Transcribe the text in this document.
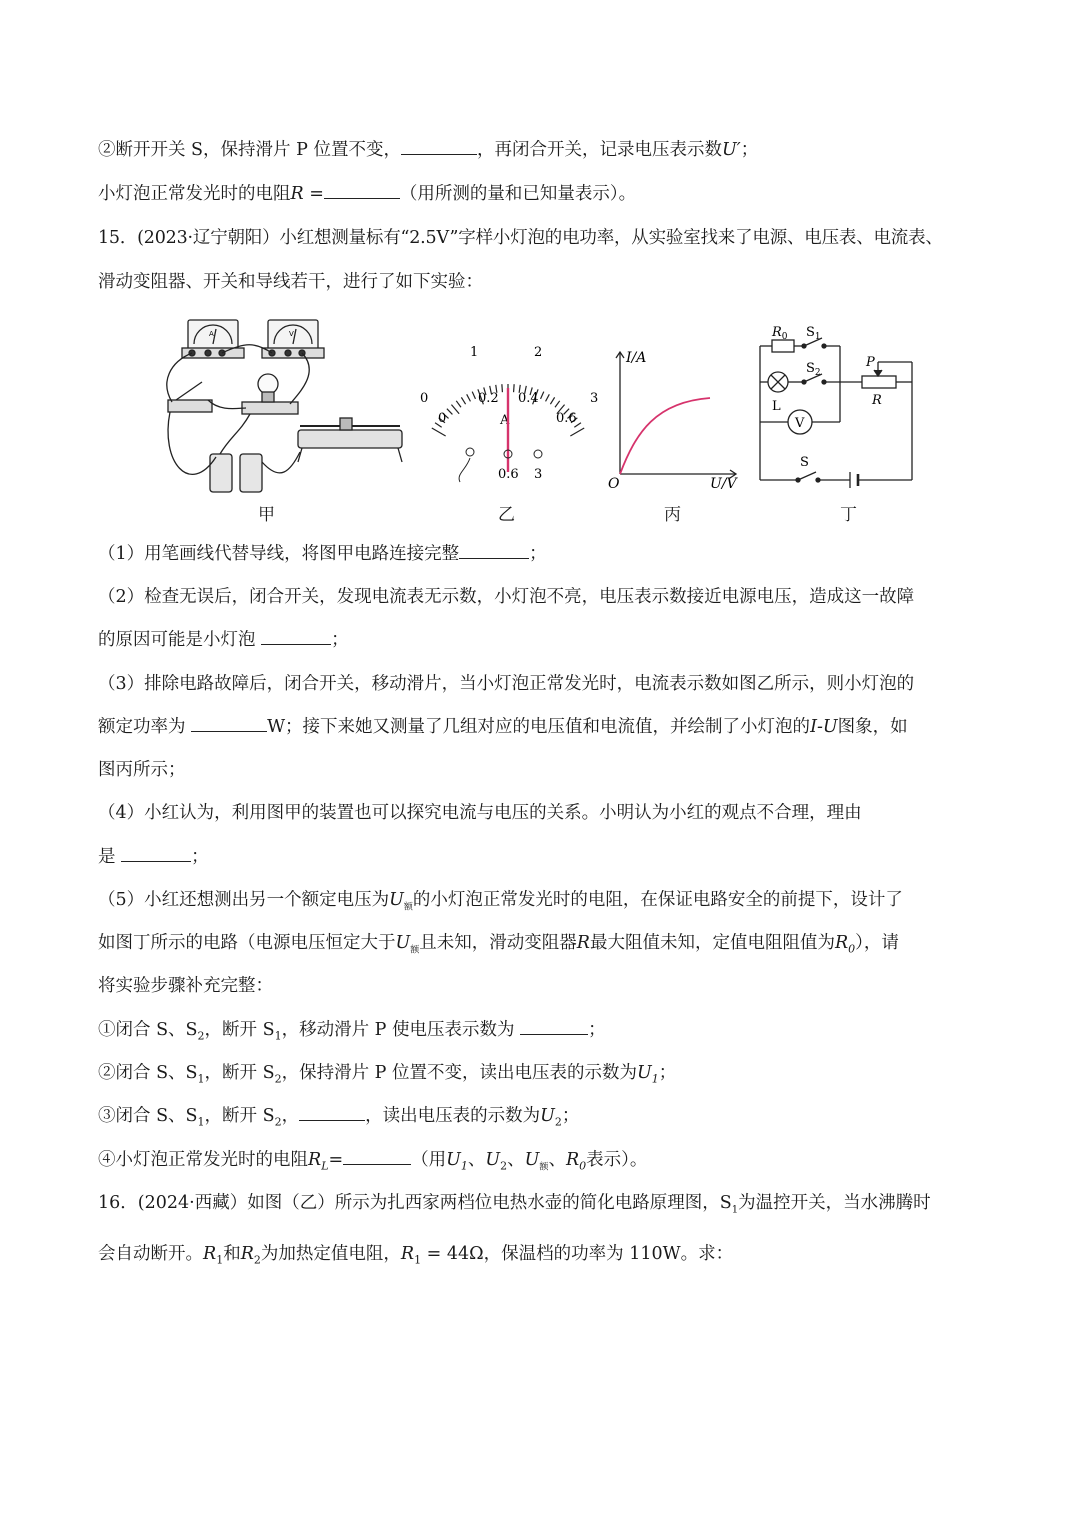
②断开开关 S，保持滑片 P 位置不变，	，再闭合开关，记录电压表示数U′；
小灯泡正常发光时的电阻R =	（用所测的量和已知量表示）。
15．(2023·辽宁朝阳）小红想测量标有“2.5V”字样小灯泡的电功率，从实验室找来了电源、电压表、电流表、
滑动变阻器、开关和导线若干，进行了如下实验：
A	V
0
1	2
3
0
0.2 0.4
0.6
A
0.6 3
I/A
U/V
O
$R_0$ $S_1$
$S_2$
L
V
P
R
S
甲	乙	丙	丁
（1）用笔画线代替导线，将图甲电路连接完整	；
（2）检查无误后，闭合开关，发现电流表无示数，小灯泡不亮，电压表示数接近电源电压，造成这一故障
的原因可能是小灯泡	；
（3）排除电路故障后，闭合开关，移动滑片，当小灯泡正常发光时，电流表示数如图乙所示，则小灯泡的
额定功率为	W；接下来她又测量了几组对应的电压值和电流值，并绘制了小灯泡的I-U图象，如
图丙所示；
（4）小红认为，利用图甲的装置也可以探究电流与电压的关系。小明认为小红的观点不合理，理由
是	；
（5）小红还想测出另一个额定电压为$U_额$的小灯泡正常发光时的电阻，在保证电路安全的前提下，设计了
如图丁所示的电路（电源电压恒定大于$U_额$且未知，滑动变阻器R最大阻值未知，定值电阻阻值为$R_0$），请
将实验步骤补充完整：
①闭合 S、$S_2$，断开 $S_1$，移动滑片 P 使电压表示数为	；
②闭合 S、$S_1$，断开 $S_2$，保持滑片 P 位置不变，读出电压表的示数为$U_1$；
③闭合 S、$S_1$，断开 $S_2$，	，读出电压表的示数为$U_2$；
④小灯泡正常发光时的电阻$R_L=$	（用$U_1$、$U_2$、$U_额$、$R_0$表示）。
16．(2024·西藏）如图（乙）所示为扎西家两档位电热水壶的简化电路原理图，$S_1$为温控开关，当水沸腾时
会自动断开。$R_1$和$R_2$为加热定值电阻，$R_1 = 44\Omega$，保温档的功率为 110W。求：
